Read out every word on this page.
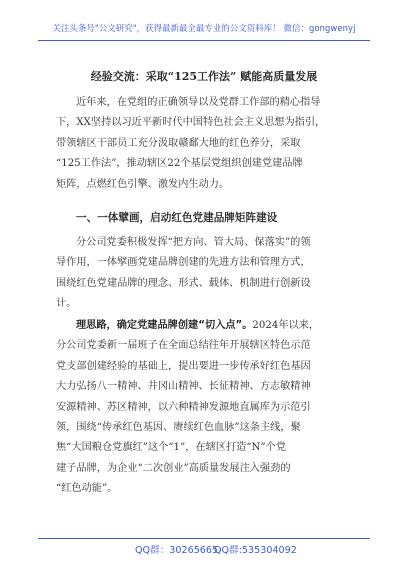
关注头条号"公文研究"，获得最新最全最专业的公文资料库！ 微信：gongwenyj
经验交流：采取“125工作法” 赋能高质量发展
近年来，在党组的正确领导以及党群工作部的精心指导
下，XX坚持以习近平新时代中国特色社会主义思想为指引，
带领辖区干部员工充分汲取赣鄱大地的红色养分，采取
“125工作法”，推动辖区22个基层党组织创建党建品牌
矩阵，点燃红色引擎、激发内生动力。
一、一体擘画，启动红色党建品牌矩阵建设
分公司党委积极发挥“把方向、管大局、保落实”的领
导作用，一体擘画党建品牌创建的先进方法和管理方式，
围绕红色党建品牌的理念、形式、载体、机制进行创新设
计。
理思路，确定党建品牌创建“切入点”。2024年以来，
分公司党委新一届班子在全面总结往年开展辖区特色示范
党支部创建经验的基础上，提出要进一步传承好红色基因
大力弘扬八一精神、井冈山精神、长征精神、方志敏精神
安源精神、苏区精神，以六种精神发源地直属库为示范引
领，围绕“传承红色基因、赓续红色血脉”这条主线，聚
焦“大国粮仓党旗红”这个“1”，在辖区打造“N”个党
建子品牌，为企业“二次创业”高质量发展注入强劲的
“红色动能”。
QQ群：30265665
QQ群:535304092
